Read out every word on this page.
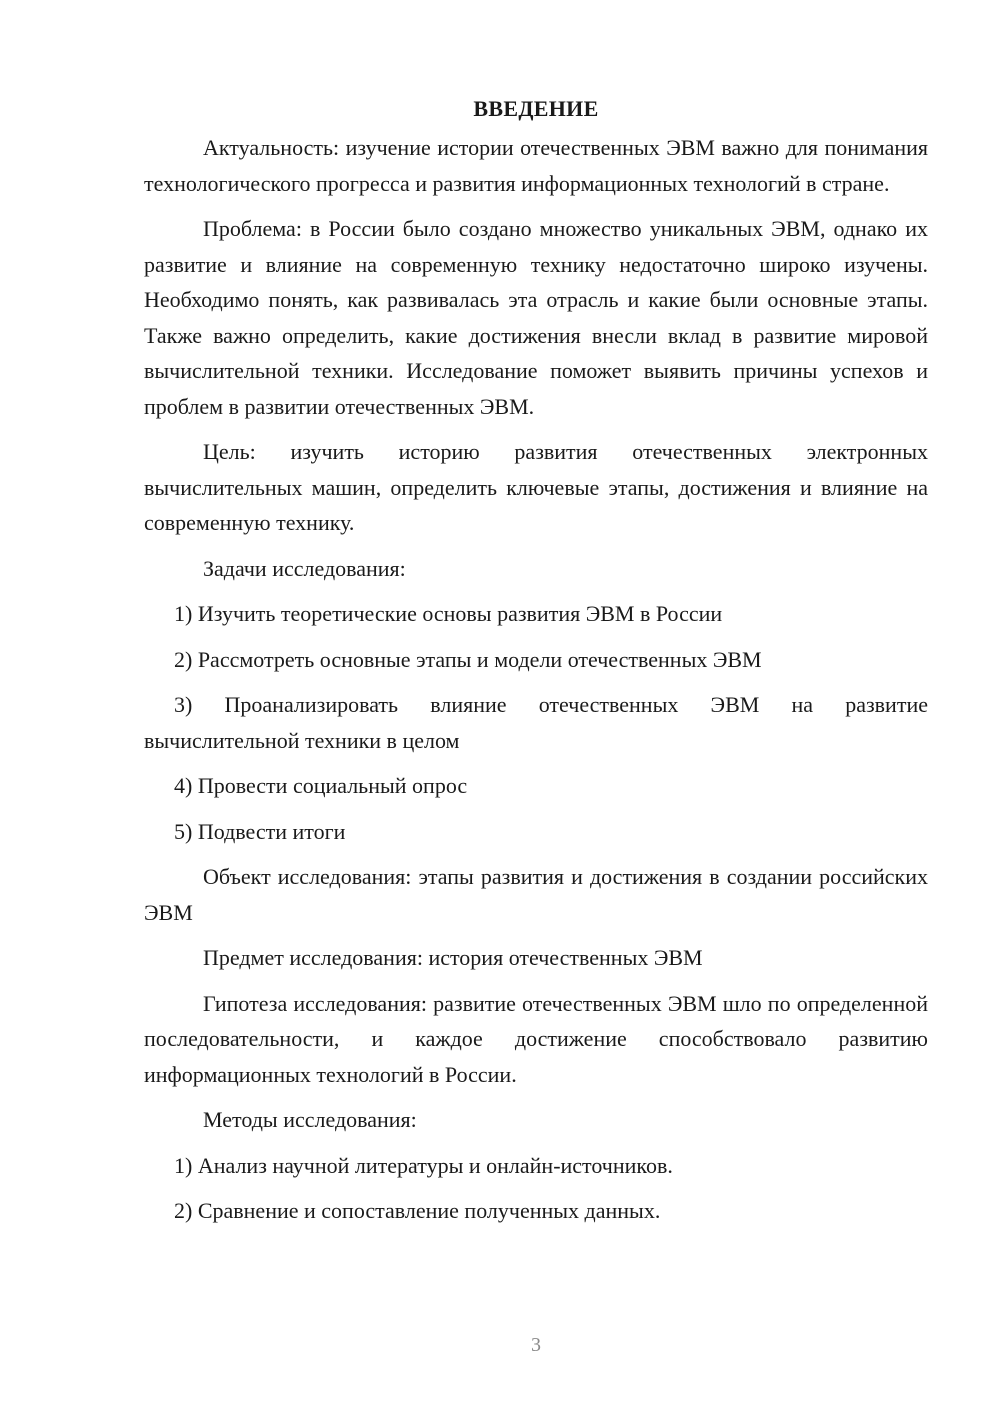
ВВЕДЕНИЕ

Актуальность: изучение истории отечественных ЭВМ важно для понимания технологического прогресса и развития информационных технологий в стране.

Проблема: в России было создано множество уникальных ЭВМ, однако их развитие и влияние на современную технику недостаточно широко изучены. Необходимо понять, как развивалась эта отрасль и какие были основные этапы. Также важно определить, какие достижения внесли вклад в развитие мировой вычислительной техники. Исследование поможет выявить причины успехов и проблем в развитии отечественных ЭВМ.

Цель: изучить историю развития отечественных электронных вычислительных машин, определить ключевые этапы, достижения и влияние на современную технику.

Задачи исследования:

1) Изучить теоретические основы развития ЭВМ в России

2) Рассмотреть основные этапы и модели отечественных ЭВМ

3) Проанализировать влияние отечественных ЭВМ на развитие вычислительной техники в целом

4) Провести социальный опрос

5) Подвести итоги

Объект исследования: этапы развития и достижения в создании российских ЭВМ

Предмет исследования: история отечественных ЭВМ

Гипотеза исследования: развитие отечественных ЭВМ шло по определенной последовательности, и каждое достижение способствовало развитию информационных технологий в России.

Методы исследования:

1) Анализ научной литературы и онлайн-источников.

2) Сравнение и сопоставление полученных данных.

3
